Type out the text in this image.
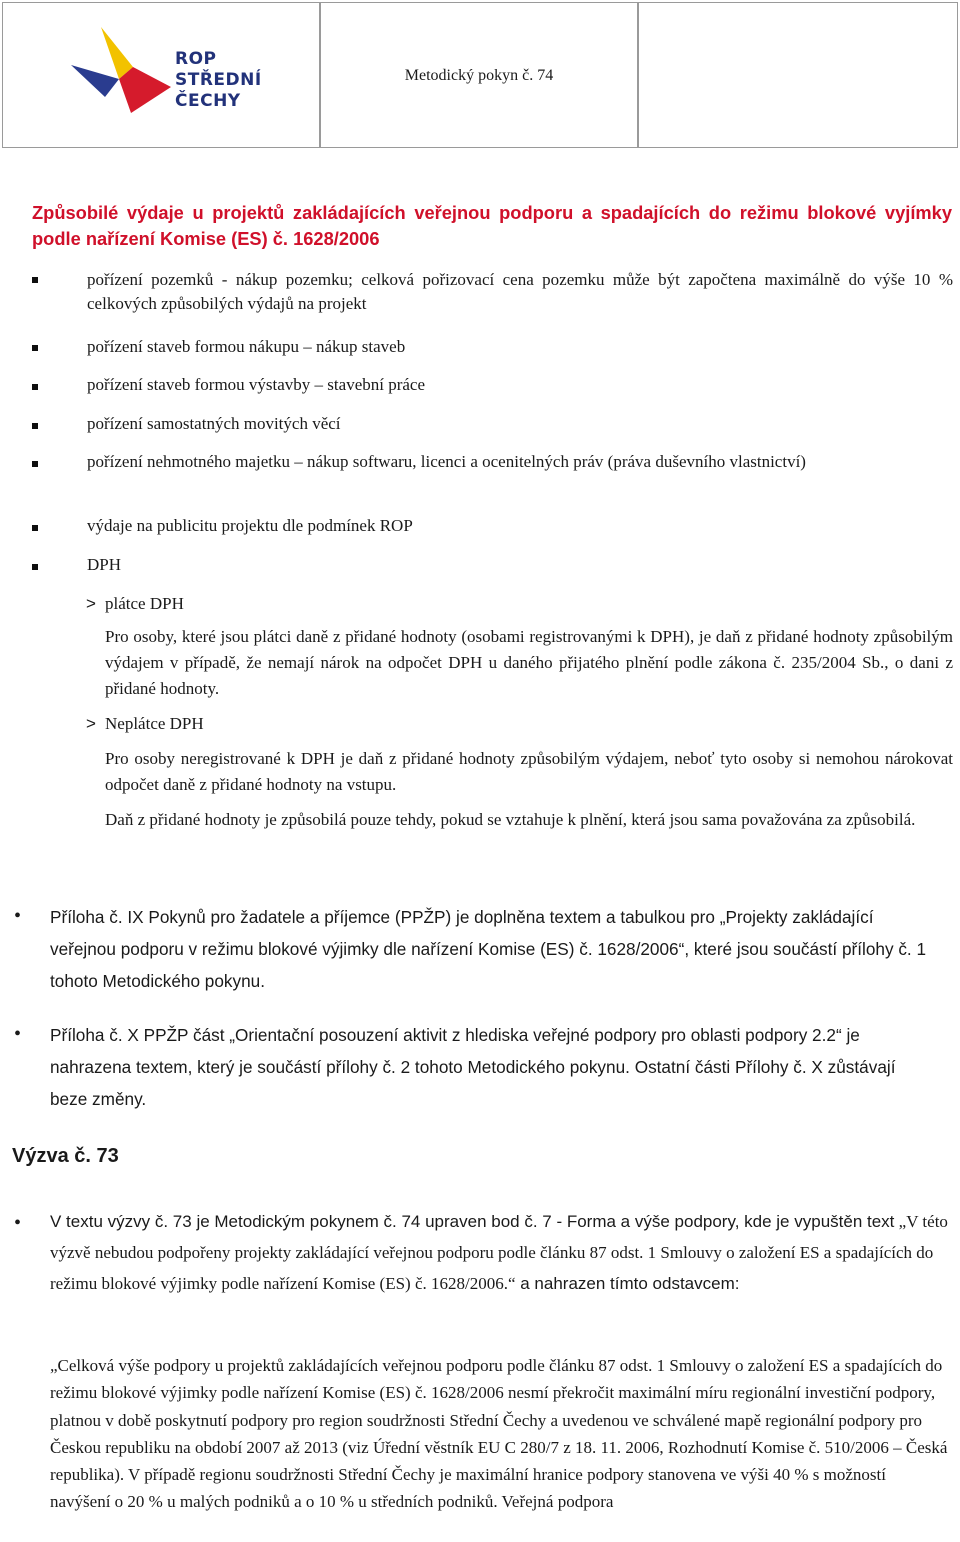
ROP
STŘEDNÍ
ČECHY
Metodický pokyn č. 74
Způsobilé výdaje u projektů zakládajících veřejnou podporu a spadajících do režimu blokové vyjímky podle nařízení Komise (ES) č. 1628/2006
pořízení pozemků - nákup pozemku; celková pořizovací cena pozemku může být započtena maximálně do výše 10 % celkových způsobilých výdajů na projekt
pořízení staveb formou nákupu – nákup staveb
pořízení staveb formou výstavby – stavební práce
pořízení samostatných movitých věcí
pořízení nehmotného majetku – nákup softwaru, licenci a ocenitelných práv (práva duševního vlastnictví)
výdaje na publicitu projektu dle podmínek ROP
DPH
> plátce DPH
Pro osoby, které jsou plátci daně z přidané hodnoty (osobami registrovanými k DPH), je daň z přidané hodnoty způsobilým výdajem v případě, že nemají nárok na odpočet DPH u daného přijatého plnění podle zákona č. 235/2004 Sb., o dani z přidané hodnoty.
> Neplátce DPH
Pro osoby neregistrované k DPH je daň z přidané hodnoty způsobilým výdajem, neboť tyto osoby si nemohou nárokovat odpočet daně z přidané hodnoty na vstupu.
Daň z přidané hodnoty je způsobilá pouze tehdy, pokud se vztahuje k plnění, která jsou sama považována za způsobilá.
• Příloha č. IX Pokynů pro žadatele a příjemce (PPŽP) je doplněna textem a tabulkou pro „Projekty zakládající veřejnou podporu v režimu blokové výjimky dle nařízení Komise (ES) č. 1628/2006“, které jsou součástí přílohy č. 1 tohoto Metodického pokynu.
• Příloha č. X PPŽP část „Orientační posouzení aktivit z hlediska veřejné podpory pro oblasti podpory 2.2“ je nahrazena textem, který je součástí přílohy č. 2 tohoto Metodického pokynu. Ostatní části Přílohy č. X zůstávají beze změny.
Výzva č. 73
• V textu výzvy č. 73 je Metodickým pokynem č. 74 upraven bod č. 7 - Forma a výše podpory, kde je vypuštěn text „V této výzvě nebudou podpořeny projekty zakládající veřejnou podporu podle článku 87 odst. 1 Smlouvy o založení ES a spadajících do režimu blokové výjimky podle nařízení Komise (ES) č. 1628/2006.“ a nahrazen tímto odstavcem:
„Celková výše podpory u projektů zakládajících veřejnou podporu podle článku 87 odst. 1 Smlouvy o založení ES a spadajících do režimu blokové výjimky podle nařízení Komise (ES) č. 1628/2006 nesmí překročit maximální míru regionální investiční podpory, platnou v době poskytnutí podpory pro region soudržnosti Střední Čechy a uvedenou ve schválené mapě regionální podpory pro Českou republiku na období 2007 až 2013 (viz Úřední věstník EU C 280/7 z 18. 11. 2006, Rozhodnutí Komise č. 510/2006 – Česká republika). V případě regionu soudržnosti Střední Čechy je maximální hranice podpory stanovena ve výši 40 % s možností navýšení o 20 % u malých podniků a o 10 % u středních podniků. Veřejná podpora
